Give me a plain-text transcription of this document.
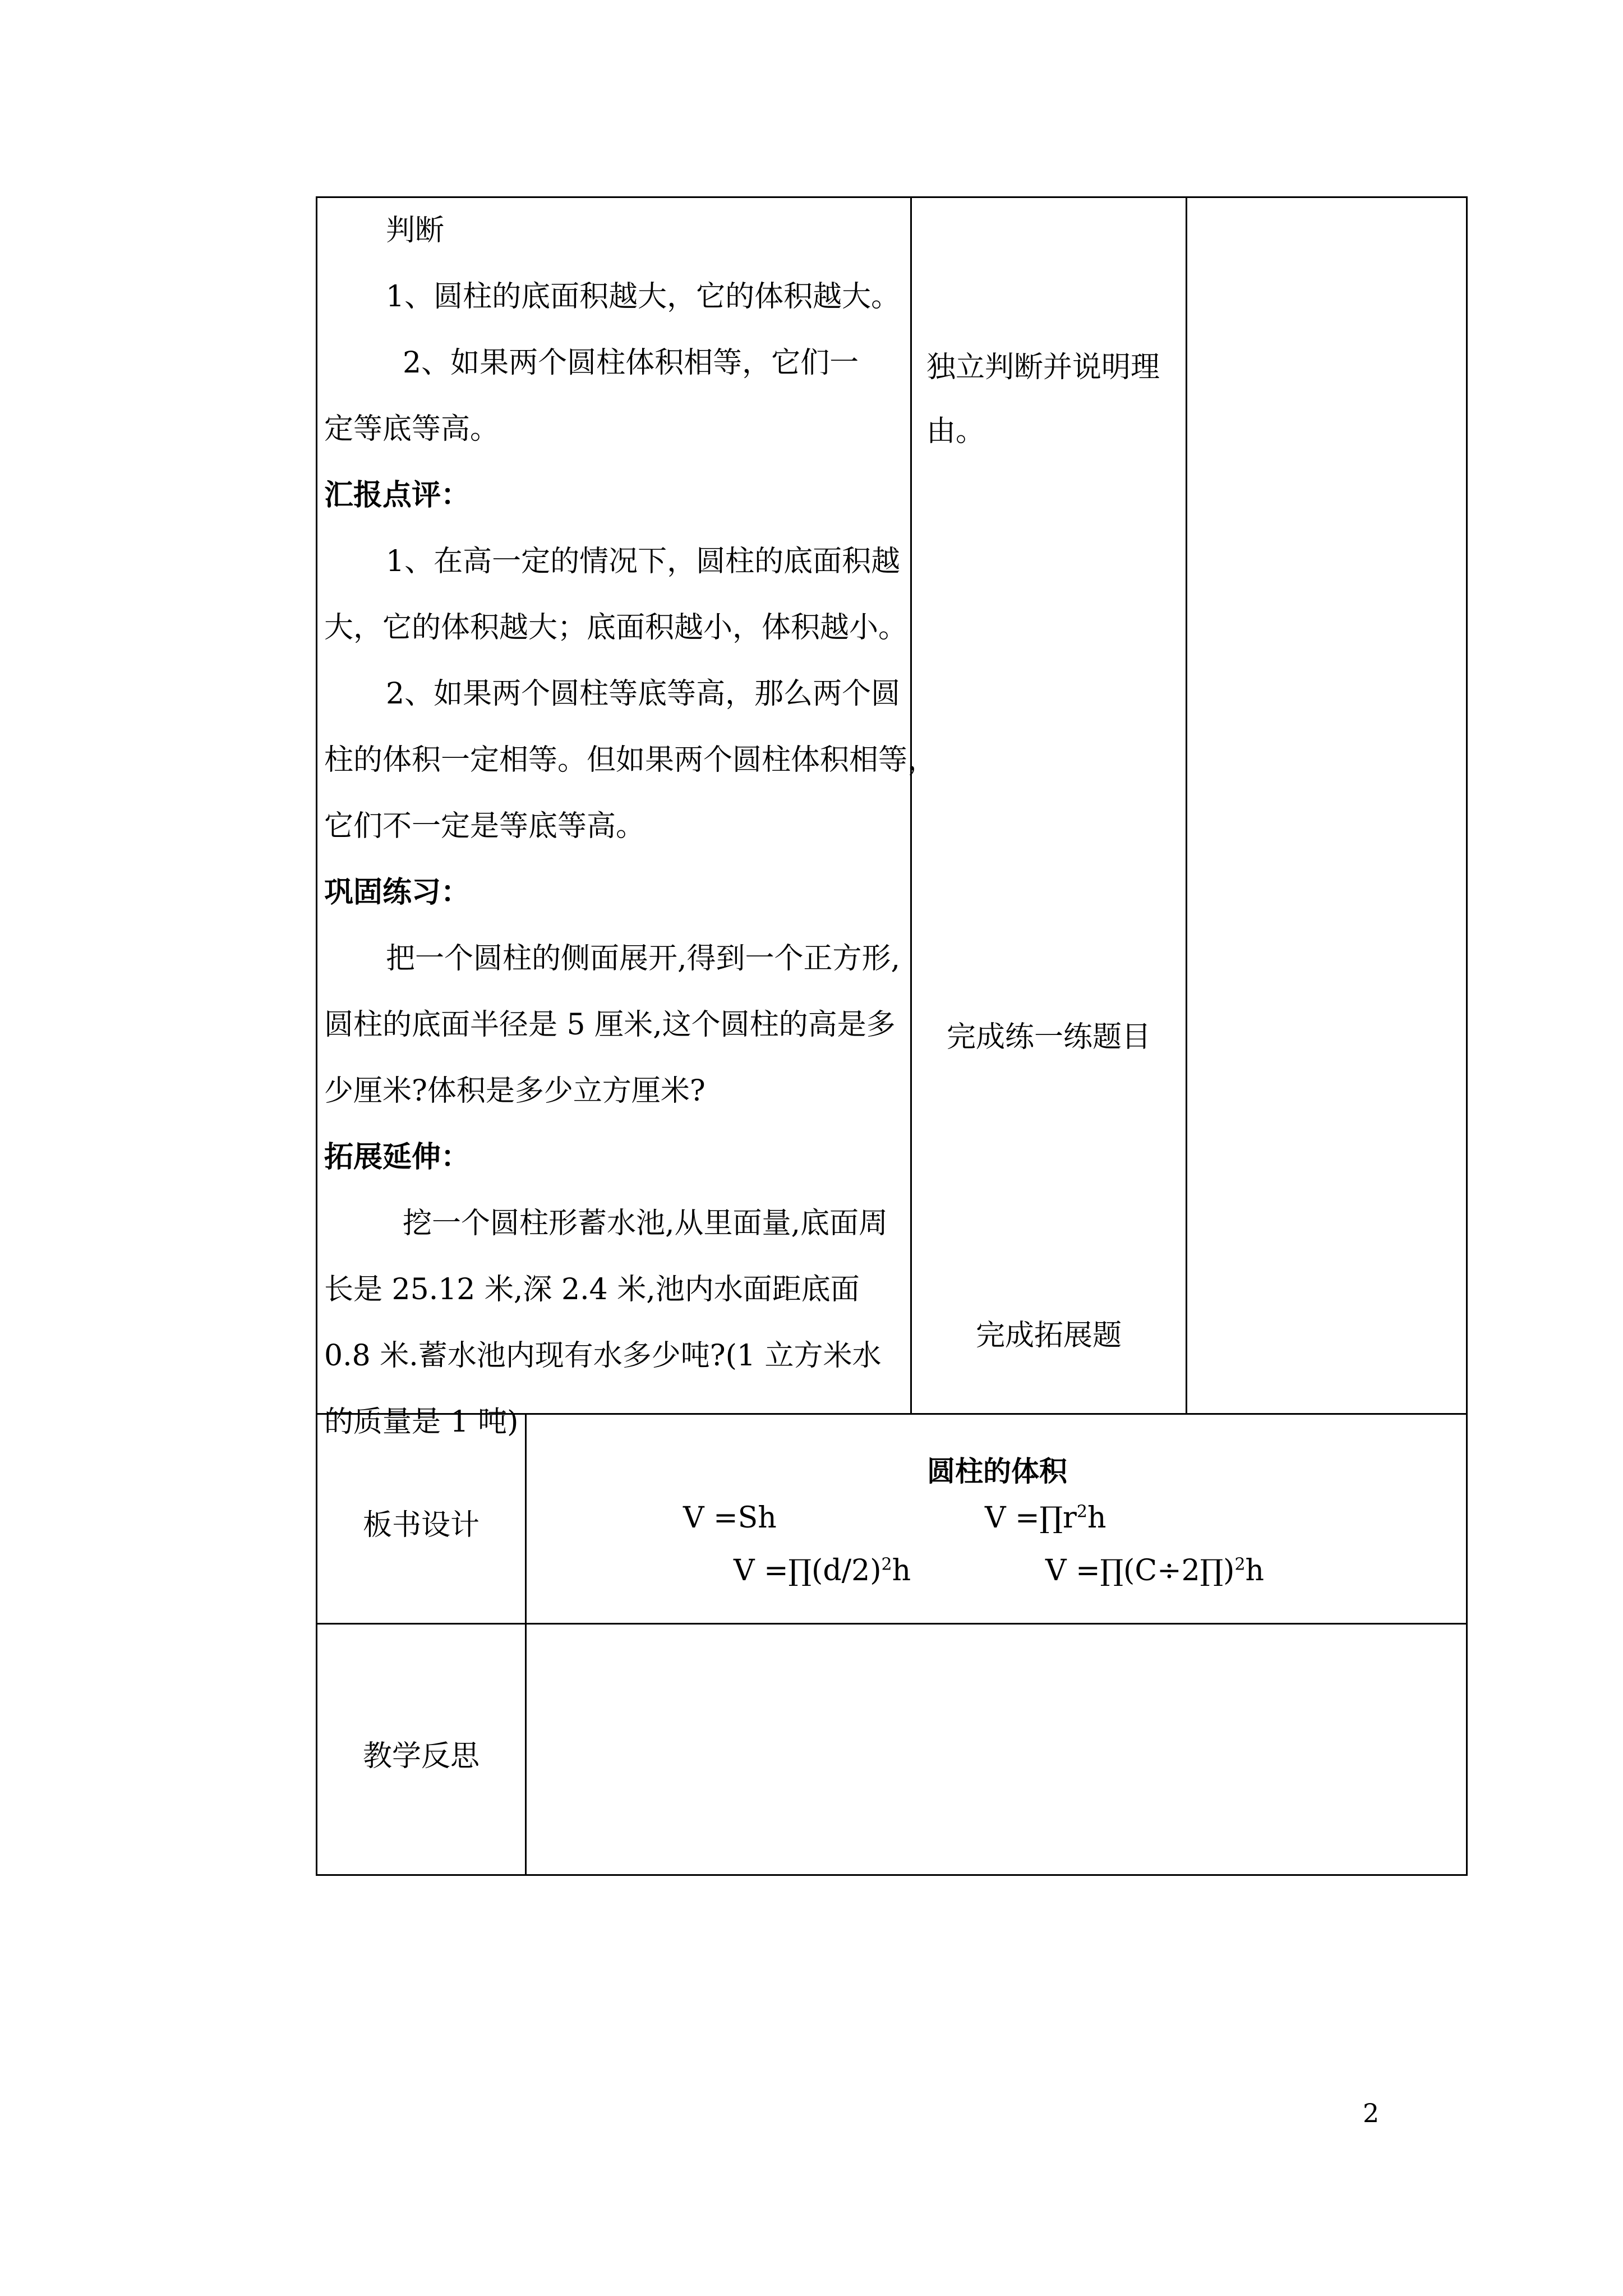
判断
1、圆柱的底面积越大，它的体积越大。
2、如果两个圆柱体积相等，它们一
定等底等高。
汇报点评：
1、在高一定的情况下，圆柱的底面积越
大，它的体积越大；底面积越小，体积越小。
2、如果两个圆柱等底等高，那么两个圆
柱的体积一定相等。但如果两个圆柱体积相等，
它们不一定是等底等高。
巩固练习：
把一个圆柱的侧面展开,得到一个正方形,
圆柱的底面半径是 5 厘米,这个圆柱的高是多
少厘米?体积是多少立方厘米?
拓展延伸：
挖一个圆柱形蓄水池,从里面量,底面周
长是 25.12 米,深 2.4 米,池内水面距底面
0.8 米.蓄水池内现有水多少吨?(1 立方米水
的质量是 1 吨)
独立判断并说明理
由。
完成练一练题目
完成拓展题
板书设计
圆柱的体积
V =Sh	$V =\prod r^2h$
$V =\prod(d/2)^2h$	V =∏(C÷2∏)$^2$h
教学反思
2
